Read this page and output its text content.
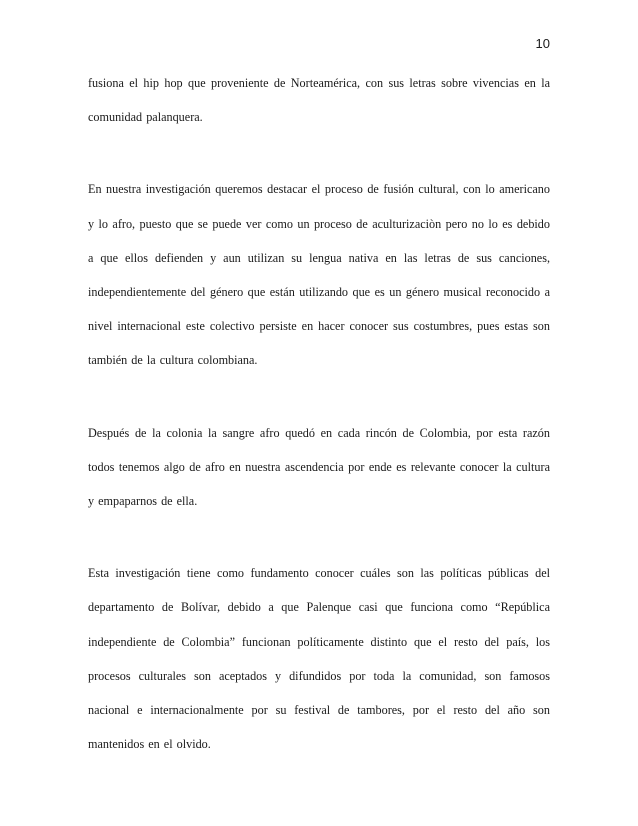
10

fusiona el hip hop que proveniente de Norteamérica, con sus letras sobre vivencias en la comunidad palanquera.

En nuestra investigación queremos destacar el proceso de fusión cultural, con lo americano y lo afro, puesto que se puede ver como un proceso de aculturizaciòn pero no lo es debido a que ellos defienden y aun utilizan su lengua nativa en las letras de sus canciones, independientemente del género que están utilizando que es un género musical reconocido a nivel internacional este colectivo persiste en hacer conocer sus costumbres, pues estas son también de la cultura colombiana.

Después de la colonia la sangre afro quedó en cada rincón de Colombia, por esta razón todos tenemos algo de afro en nuestra ascendencia por ende es relevante conocer la cultura y empaparnos de ella.

Esta investigación tiene como fundamento conocer cuáles son las políticas públicas del departamento de Bolívar, debido a que Palenque casi que funciona como “República independiente de Colombia” funcionan políticamente distinto que el resto del país, los procesos culturales son aceptados y difundidos por toda la comunidad, son famosos nacional e internacionalmente por su festival de tambores, por el resto del año son mantenidos en el olvido.
